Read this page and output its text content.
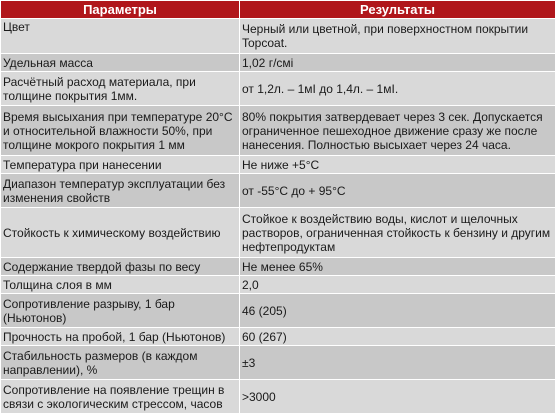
Параметры	Результаты
Цвет	Черный или цветной, при поверхностном покрытии Topcoat.
Удельная масса	1,02 г/смі
Расчётный расход материала, при толщине покрытия 1мм.	от 1,2л. – 1мІ до 1,4л. – 1мІ.
Время высыхания при температуре 20°С и относительной влажности 50%, при толщине мокрого покрытия 1 мм	80% покрытия затвердевает через 3 сек. Допускается ограниченное пешеходное движение сразу же после нанесения. Полностью высыхает через 24 часа.
Температура при нанесении	Не ниже +5°С
Диапазон температур эксплуатации без изменения свойств	от -55°С до + 95°С
Стойкость к химическому воздействию	Стойкое к воздействию воды, кислот и щелочных растворов, ограниченная стойкость к бензину и другим нефтепродуктам
Содержание твердой фазы по весу	Не менее 65%
Толщина слоя в мм	2,0
Сопротивление разрыву, 1 бар (Ньютонов)	46 (205)
Прочность на пробой, 1 бар (Ньютонов)	60 (267)
Стабильность размеров (в каждом направлении), %	±3
Сопротивление на появление трещин в связи с экологическим стрессом, часов	>3000
